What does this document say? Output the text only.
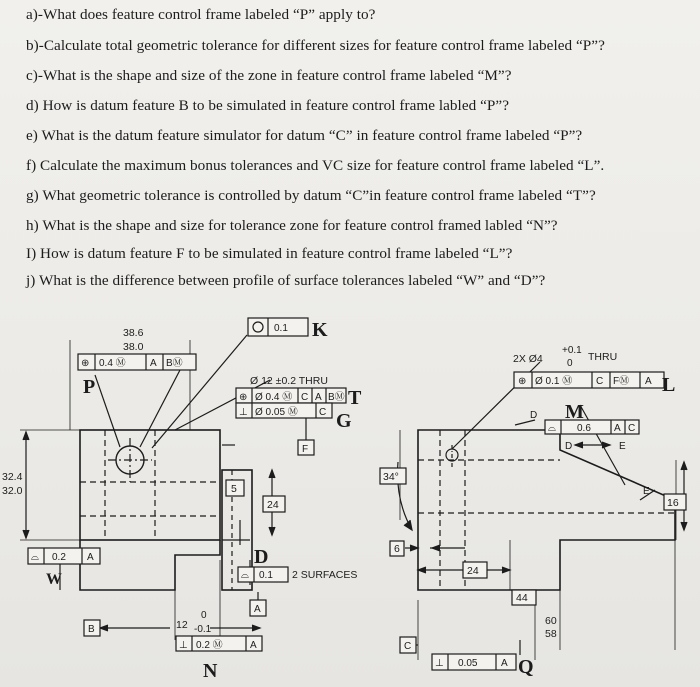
a)-What does feature control frame labeled “P” apply to?
b)-Calculate total geometric tolerance for different sizes for feature control frame labeled “P”?
c)-What is the shape and size of the zone in feature control frame labeled “M”?
d) How is datum feature B to be simulated in feature control frame labled “P”?
e) What is the datum feature simulator for datum “C” in feature control frame labeled “P”?
f) Calculate the maximum bonus tolerances and VC size for feature control frame labeled “L”.
g) What geometric tolerance is controlled by datum “C”in feature control frame labeled “T”?
h) What is the shape and size for tolerance zone for feature control framed labled “N”?
I) How is datum feature F to be simulated in feature control frame labeled “L”?
j) What is the difference between profile of surface tolerances labeled “W” and “D”?
38.6
38.0
⊕ 0.4 Ⓜ A BⓂ
P
0.1 K
Ø 12 ±0.2 THRU
⊕ Ø 0.4 Ⓜ C A BⓂ T
⊥ Ø 0.05 Ⓜ C G
F
32.4
32.0	5
24
⌓ 0.2 A
W
D
⌓ 0.1 2 SURFACES
B
A
12
0
-0.1
⊥ 0.2 Ⓜ	A
N
2X Ø4
+0.1
0
THRU
⊕ Ø 0.1 Ⓜ C FⓂ A L
M
D
⌓ 0.6 A C
D	E
E
34°
6
24
44
16
60
58
C
⊥ 0.05 A Q
